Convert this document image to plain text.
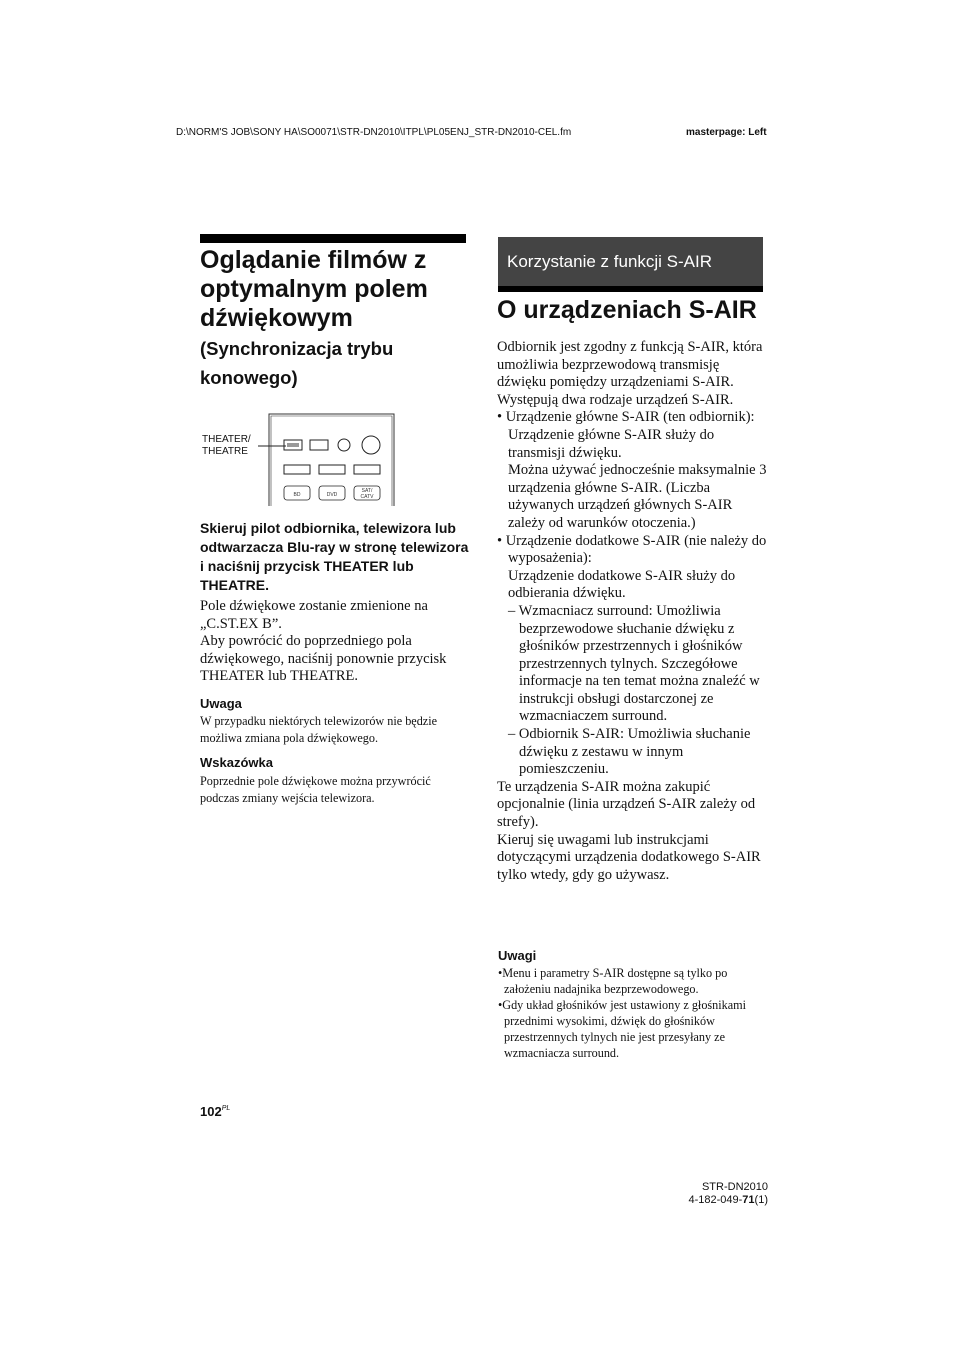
D:\NORM'S JOB\SONY HA\SO0071\STR-DN2010\ITPL\PL05ENJ_STR-DN2010-CEL.fm	masterpage: Left
Oglądanie filmów z optymalnym polem dźwiękowym
(Synchronizacja trybu konowego)
THEATER/
THEATRE
BD	DVD
SAT/
CATV
Skieruj pilot odbiornika, telewizora lub odtwarzacza Blu-ray w stronę telewizora i naciśnij przycisk THEATER lub THEATRE.

Pole dźwiękowe zostanie zmienione na „C.ST.EX B”.

Aby powrócić do poprzedniego pola dźwiękowego, naciśnij ponownie przycisk THEATER lub THEATRE.

Uwaga
W przypadku niektórych telewizorów nie będzie możliwa zmiana pola dźwiękowego.
Wskazówka
Poprzednie pole dźwiękowe można przywrócić podczas zmiany wejścia telewizora.
Korzystanie z funkcji S-AIR
O urządzeniach S-AIR

Odbiornik jest zgodny z funkcją S-AIR, która umożliwia bezprzewodową transmisję dźwięku pomiędzy urządzeniami S-AIR.

Występują dwa rodzaje urządzeń S-AIR.

• Urządzenie główne S-AIR (ten odbiornik):

Urządzenie główne S-AIR służy do transmisji dźwięku.

Można używać jednocześnie maksymalnie 3 urządzenia główne S-AIR. (Liczba używanych urządzeń głównych S-AIR zależy od warunków otoczenia.)

• Urządzenie dodatkowe S-AIR (nie należy do wyposażenia):

Urządzenie dodatkowe S-AIR służy do odbierania dźwięku.

– Wzmacniacz surround: Umożliwia bezprzewodowe słuchanie dźwięku z głośników przestrzennych i głośników przestrzennych tylnych. Szczegółowe informacje na ten temat można znaleźć w instrukcji obsługi dostarczonej ze wzmacniaczem surround.

– Odbiornik S-AIR: Umożliwia słuchanie dźwięku z zestawu w innym pomieszczeniu.

Te urządzenia S-AIR można zakupić opcjonalnie (linia urządzeń S-AIR zależy od strefy).

Kieruj się uwagami lub instrukcjami dotyczącymi urządzenia dodatkowego S-AIR tylko wtedy, gdy go używasz.

Uwagi

•Menu i parametry S-AIR dostępne są tylko po założeniu nadajnika bezprzewodowego.

•Gdy układ głośników jest ustawiony z głośnikami przednimi wysokimi, dźwięk do głośników przestrzennych tylnych nie jest przesyłany ze wzmacniacza surround.

$102^{PL}$
STR-DN2010
4-182-049-71(1)
